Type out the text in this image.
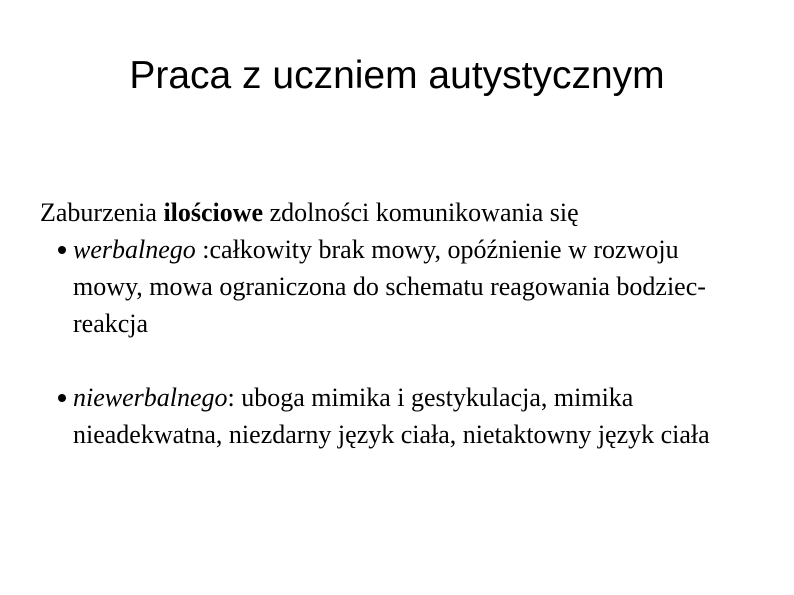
Praca z uczniem autystycznym

Zaburzenia ilościowe zdolności komunikowania się

werbalnego :całkowity brak mowy, opóźnienie w rozwoju mowy, mowa ograniczona do schematu reagowania bodziec-reakcja
niewerbalnego: uboga mimika i gestykulacja, mimika nieadekwatna, niezdarny język ciała, nietaktowny język ciała
